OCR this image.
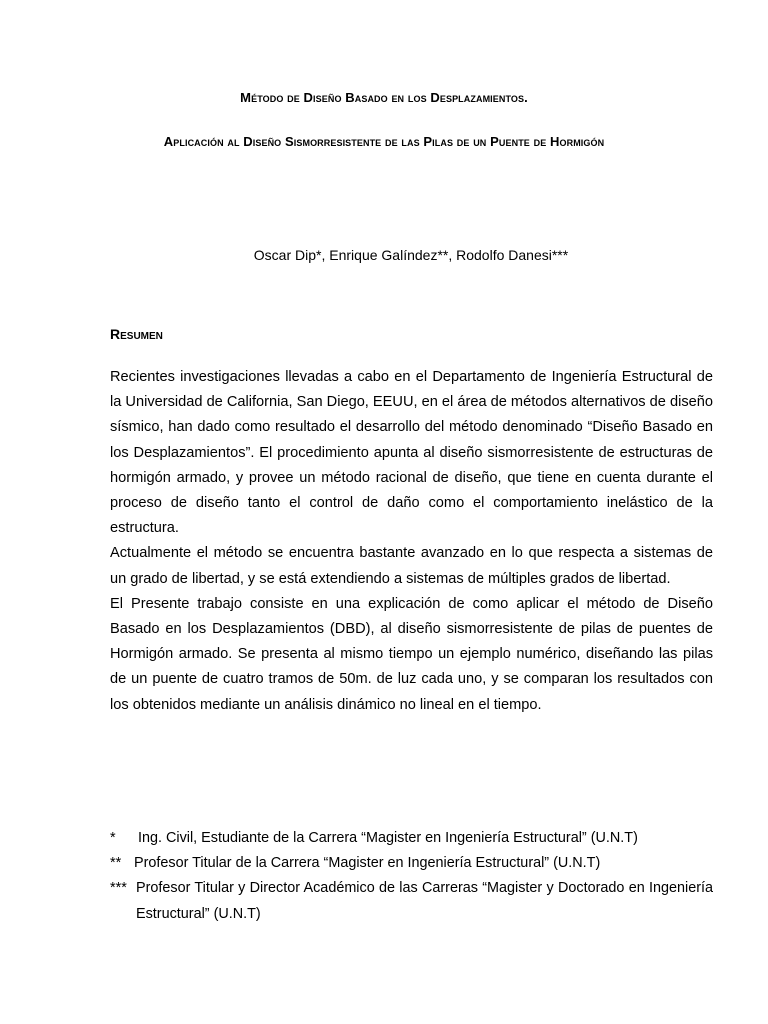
Método de Diseño Basado en los Desplazamientos.
Aplicación al Diseño Sismorresistente de las Pilas de un Puente de Hormigón
Oscar Dip*, Enrique Galíndez**, Rodolfo Danesi***
Resumen

Recientes investigaciones llevadas a cabo en el Departamento de Ingeniería Estructural de la Universidad de California, San Diego, EEUU, en el área de métodos alternativos de diseño sísmico, han dado como resultado el desarrollo del método denominado “Diseño Basado en los Desplazamientos”. El procedimiento apunta al diseño sismorresistente de estructuras de hormigón armado, y provee un método racional de diseño, que tiene en cuenta durante el proceso de diseño tanto el control de daño como el comportamiento inelástico de la estructura.

Actualmente el método se encuentra bastante avanzado en lo que respecta a sistemas de un grado de libertad, y se está extendiendo a sistemas de múltiples grados de libertad.

El Presente trabajo consiste en una explicación de como aplicar el método de Diseño Basado en los Desplazamientos (DBD), al diseño sismorresistente de pilas de puentes de Hormigón armado. Se presenta al mismo tiempo un ejemplo numérico, diseñando las pilas de un puente de cuatro tramos de 50m. de luz cada uno, y se comparan los resultados con los obtenidos mediante un análisis dinámico no lineal en el tiempo.

*	Ing. Civil, Estudiante de la Carrera “Magister en Ingeniería Estructural” (U.N.T)
** Profesor Titular de la Carrera “Magister en Ingeniería Estructural” (U.N.T)
*** Profesor Titular y Director Académico de las Carreras “Magister y Doctorado en Ingeniería Estructural” (U.N.T)
